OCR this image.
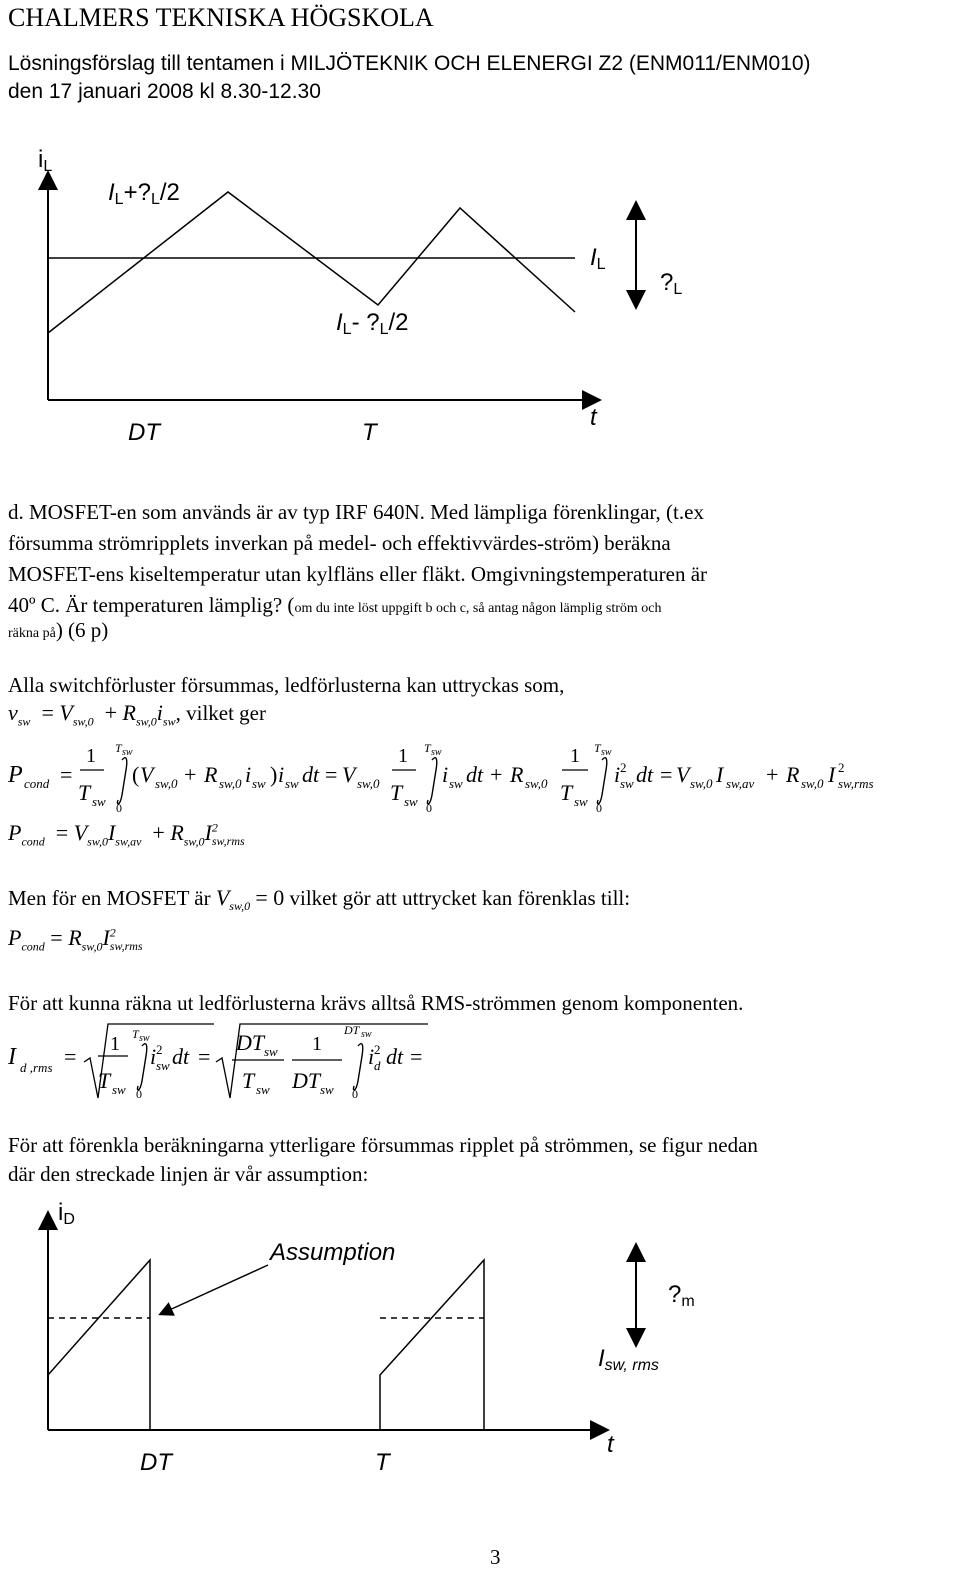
CHALMERS TEKNISKA HÖGSKOLA
Lösningsförslag till tentamen i MILJÖTEKNIK OCH ELENERGI Z2 (ENM011/ENM010)
den 17 januari 2008 kl 8.30-12.30
iL
IL+?L/2
IL
?L
IL- ?L/2
DT	T
t
d. MOSFET-en som används är av typ IRF 640N. Med lämpliga förenklingar, (t.ex
försumma strömripplets inverkan på medel- och effektivvärdes-ström) beräkna
MOSFET-ens kiseltemperatur utan kylfläns eller fläkt. Omgivningstemperaturen är
40º C. Är temperaturen lämplig? (om du inte löst uppgift b och c, så antag någon lämplig ström och
räkna på) (6 p)
Alla switchförluster försummas, ledförlusterna kan uttryckas som,
$v_{sw} = V_{sw,0} + R_{sw,0}i_{sw}$, vilket ger
P cond =
1
T sw
T sw
0
( V sw,0 + R sw,0 i sw ) i sw dt = V sw,0
1
T sw
T sw
0
i sw dt + R sw,0
1
T sw
T sw
0
i 2
sw dt = V sw,0 I sw,av + R sw,0 I 2
sw,rms
$P_{cond} = V_{sw,0}I_{sw,av} + R_{sw,0}I^2_{sw,rms}$
Men för en MOSFET är $V_{sw,0} = 0$ vilket gör att uttrycket kan förenklas till:
$P_{cond} = R_{sw,0}I^2_{sw,rms}$
För att kunna räkna ut ledförlusterna krävs alltså RMS-strömmen genom komponenten.
I d ,rms = 1
T sw
T sw
0
i 2
sw dt =
DT sw
T sw
1
DT sw
DT sw
0
i 2
d dt =
För att förenkla beräkningarna ytterligare försummas ripplet på strömmen, se figur nedan
där den streckade linjen är vår assumption:
iD
Assumption
?m
Isw, rms
DT	T
t
3
